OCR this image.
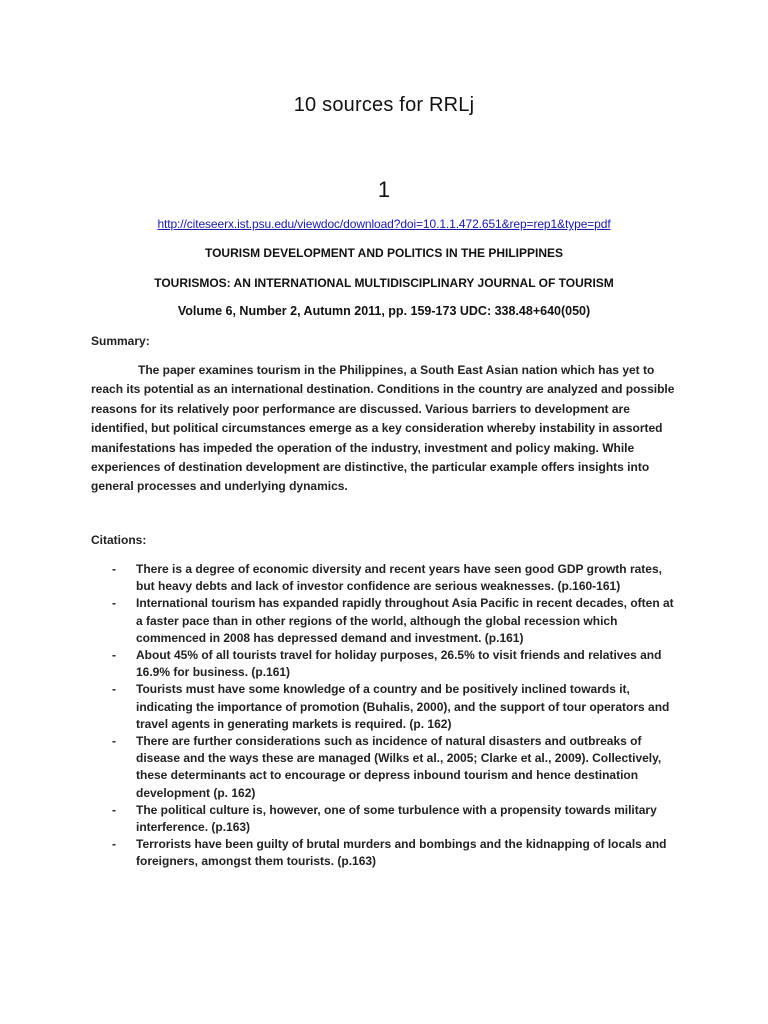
10 sources for RRLj
1
http://citeseerx.ist.psu.edu/viewdoc/download?doi=10.1.1.472.651&rep=rep1&type=pdf
TOURISM DEVELOPMENT AND POLITICS IN THE PHILIPPINES
TOURISMOS: AN INTERNATIONAL MULTIDISCIPLINARY JOURNAL OF TOURISM
Volume 6, Number 2, Autumn 2011, pp. 159-173 UDC: 338.48+640(050)
Summary:
The paper examines tourism in the Philippines, a South East Asian nation which has yet to reach its potential as an international destination. Conditions in the country are analyzed and possible reasons for its relatively poor performance are discussed. Various barriers to development are identified, but political circumstances emerge as a key consideration whereby instability in assorted manifestations has impeded the operation of the industry, investment and policy making. While experiences of destination development are distinctive, the particular example offers insights into general processes and underlying dynamics.
Citations:
- There is a degree of economic diversity and recent years have seen good GDP growth rates, but heavy debts and lack of investor confidence are serious weaknesses. (p.160-161)
- International tourism has expanded rapidly throughout Asia Pacific in recent decades, often at a faster pace than in other regions of the world, although the global recession which commenced in 2008 has depressed demand and investment. (p.161)
- About 45% of all tourists travel for holiday purposes, 26.5% to visit friends and relatives and 16.9% for business. (p.161)
- Tourists must have some knowledge of a country and be positively inclined towards it, indicating the importance of promotion (Buhalis, 2000), and the support of tour operators and travel agents in generating markets is required. (p. 162)
- There are further considerations such as incidence of natural disasters and outbreaks of disease and the ways these are managed (Wilks et al., 2005; Clarke et al., 2009). Collectively, these determinants act to encourage or depress inbound tourism and hence destination development (p. 162)
- The political culture is, however, one of some turbulence with a propensity towards military interference. (p.163)
- Terrorists have been guilty of brutal murders and bombings and the kidnapping of locals and foreigners, amongst them tourists. (p.163)
